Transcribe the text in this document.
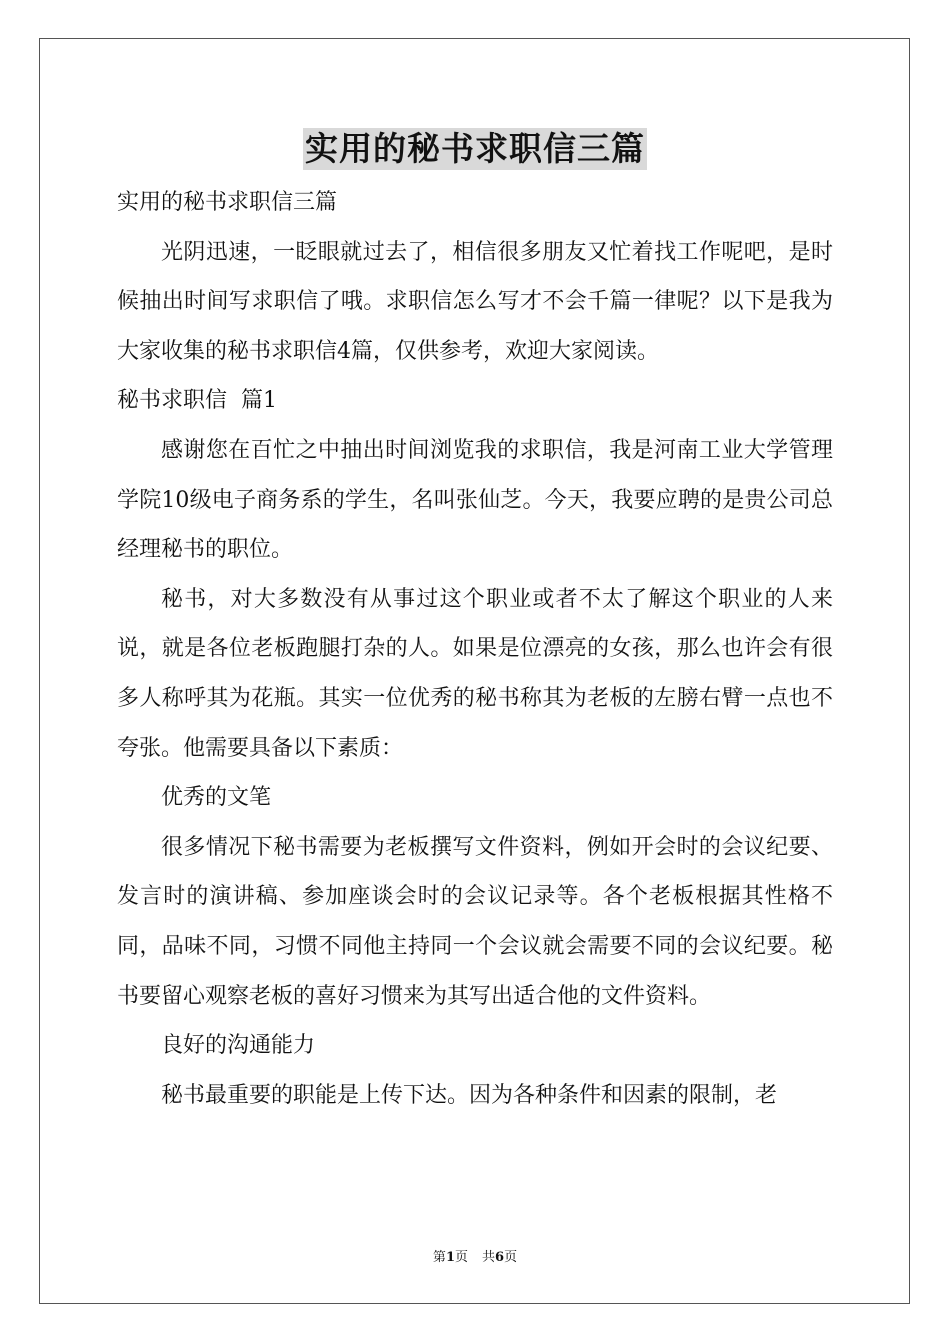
实用的秘书求职信三篇

实用的秘书求职信三篇

光阴迅速，一眨眼就过去了，相信很多朋友又忙着找工作呢吧，是时候抽出时间写求职信了哦。求职信怎么写才不会千篇一律呢？以下是我为大家收集的秘书求职信4篇，仅供参考，欢迎大家阅读。

秘书求职信  篇1

感谢您在百忙之中抽出时间浏览我的求职信，我是河南工业大学管理学院10级电子商务系的学生，名叫张仙芝。今天，我要应聘的是贵公司总经理秘书的职位。

秘书，对大多数没有从事过这个职业或者不太了解这个职业的人来说，就是各位老板跑腿打杂的人。如果是位漂亮的女孩，那么也许会有很多人称呼其为花瓶。其实一位优秀的秘书称其为老板的左膀右臂一点也不夸张。他需要具备以下素质：

优秀的文笔

很多情况下秘书需要为老板撰写文件资料，例如开会时的会议纪要、发言时的演讲稿、参加座谈会时的会议记录等。各个老板根据其性格不同，品味不同，习惯不同他主持同一个会议就会需要不同的会议纪要。秘书要留心观察老板的喜好习惯来为其写出适合他的文件资料。

良好的沟通能力

秘书最重要的职能是上传下达。因为各种条件和因素的限制，老

第1页 共6页
